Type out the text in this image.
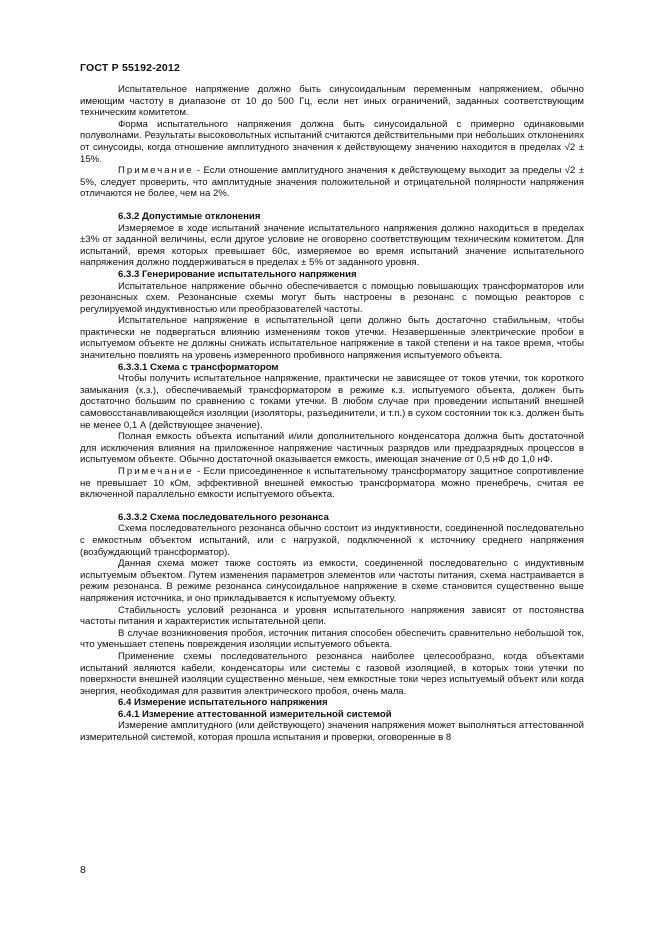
ГОСТ Р 55192-2012

Испытательное напряжение должно быть синусоидальным переменным напряжением, обычно имеющим частоту в диапазоне от 10 до 500 Гц, если нет иных ограничений, заданных соответствующим техническим комитетом.

Форма испытательного напряжения должна быть синусоидальной с примерно одинаковыми полуволнами. Результаты высоковольтных испытаний считаются действительными при небольших отклонениях от синусоиды, когда отношение амплитудного значения к действующему значению находится в пределах √2 ± 15%.

Примечание - Если отношение амплитудного значения к действующему выходит за пределы √2 ± 5%, следует проверить, что амплитудные значения положительной и отрицательной полярности напряжения отличаются не более, чем на 2%.

6.3.2 Допустимые отклонения

Измеряемое в ходе испытаний значение испытательного напряжения должно находиться в пределах ±3% от заданной величины, если другое условие не оговорено соответствующим техническим комитетом. Для испытаний, время которых превышает 60с, измеряемое во время испытаний значение испытательного напряжения должно поддерживаться в пределах ± 5% от заданного уровня.

6.3.3 Генерирование испытательного напряжения

Испытательное напряжение обычно обеспечивается с помощью повышающих трансформаторов или резонансных схем. Резонансные схемы могут быть настроены в резонанс с помощью реакторов с регулируемой индуктивностью или преобразователей частоты.

Испытательное напряжение в испытательной цепи должно быть достаточно стабильным, чтобы практически не подвергаться влиянию изменениям токов утечки. Незавершенные электрические пробои в испытуемом объекте не должны снижать испытательное напряжение в такой степени и на такое время, чтобы значительно повлиять на уровень измеренного пробивного напряжения испытуемого объекта.

6.3.3.1 Схема с трансформатором

Чтобы получить испытательное напряжение, практически не зависящее от токов утечки, ток короткого замыкания (к.з.), обеспечиваемый трансформатором в режиме к.з. испытуемого объекта, должен быть достаточно большим по сравнению с токами утечки. В любом случае при проведении испытаний внешней самовосстанавливающейся изоляции (изоляторы, разъединители, и т.п.) в сухом состоянии ток к.з. должен быть не менее 0,1 А (действующее значение).

Полная емкость объекта испытаний и/или дополнительного конденсатора должна быть достаточной для исключения влияния на приложенное напряжение частичных разрядов или предразрядных процессов в испытуемом объекте. Обычно достаточной оказывается емкость, имеющая значение от 0,5 нФ до 1,0 нФ.

Примечание - Если присоединенное к испытательному трансформатору защитное сопротивление не превышает 10 кОм, эффективной внешней емкостью трансформатора можно пренебречь, считая ее включенной параллельно емкости испытуемого объекта.

6.3.3.2 Схема последовательного резонанса

Схема последовательного резонанса обычно состоит из индуктивности, соединенной последовательно с емкостным объектом испытаний, или с нагрузкой, подключенной к источнику среднего напряжения (возбуждающий трансформатор).

Данная схема может также состоять из емкости, соединенной последовательно с индуктивным испытуемым объектом. Путем изменения параметров элементов или частоты питания, схема настраивается в режим резонанса. В режиме резонанса синусоидальное напряжение в схеме становится существенно выше напряжения источника, и оно прикладывается к испытуемому объекту.

Стабильность условий резонанса и уровня испытательного напряжения зависят от постоянства частоты питания и характеристик испытательной цепи.

В случае возникновения пробоя, источник питания способен обеспечить сравнительно небольшой ток, что уменьшает степень повреждения изоляции испытуемого объекта.

Применение схемы последовательного резонанса наиболее целесообразно, когда объектами испытаний являются кабели, конденсаторы или системы с газовой изоляцией, в которых токи утечки по поверхности внешней изоляции существенно меньше, чем емкостные токи через испытуемый объект или когда энергия, необходимая для развития электрического пробоя, очень мала.

6.4 Измерение испытательного напряжения

6.4.1 Измерение аттестованной измерительной системой

Измерение амплитудного (или действующего) значения напряжения может выполняться аттестованной измерительной системой, которая прошла испытания и проверки, оговоренные в 8

8
